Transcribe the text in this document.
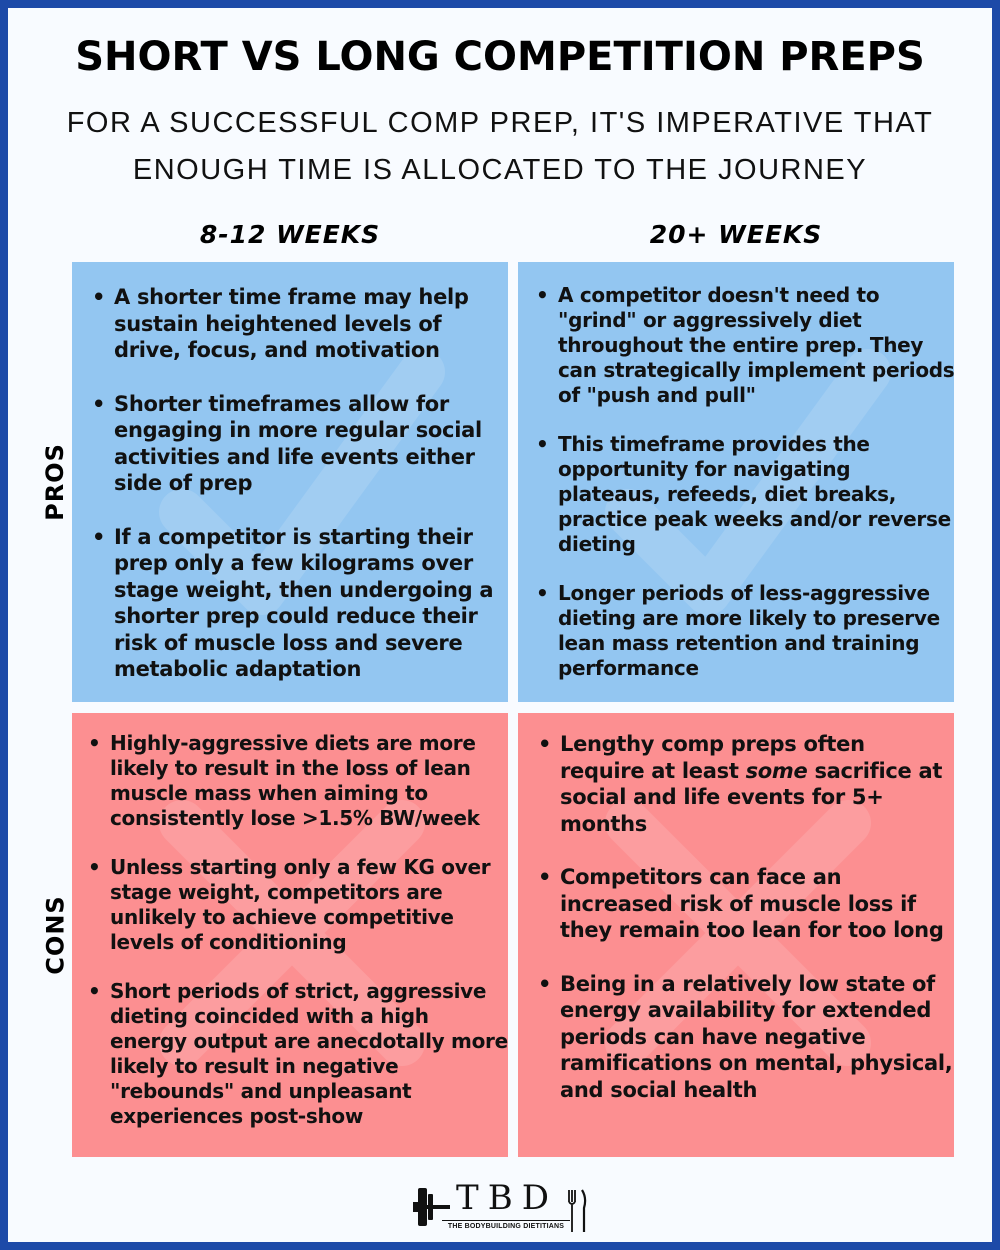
SHORT VS LONG COMPETITION PREPS
FOR A SUCCESSFUL COMP PREP, IT'S IMPERATIVE THAT
ENOUGH TIME IS ALLOCATED TO THE JOURNEY
8-12 WEEKS	20+ WEEKS
PROS
CONS
• A shorter time frame may help sustain heightened levels of drive, focus, and motivation
• Shorter timeframes allow for engaging in more regular social activities and life events either side of prep
• If a competitor is starting their prep only a few kilograms over stage weight, then undergoing a shorter prep could reduce their risk of muscle loss and severe metabolic adaptation
• A competitor doesn't need to "grind" or aggressively diet throughout the entire prep. They can strategically implement periods of "push and pull"
• This timeframe provides the opportunity for navigating plateaus, refeeds, diet breaks, practice peak weeks and/or reverse dieting
• Longer periods of less-aggressive dieting are more likely to preserve lean mass retention and training performance
• Highly-aggressive diets are more likely to result in the loss of lean muscle mass when aiming to consistently lose >1.5% BW/week
• Unless starting only a few KG over stage weight, competitors are unlikely to achieve competitive levels of conditioning
• Short periods of strict, aggressive dieting coincided with a high energy output are anecdotally more likely to result in negative "rebounds" and unpleasant experiences post-show
• Lengthy comp preps often require at least some sacrifice at social and life events for 5+ months
• Competitors can face an increased risk of muscle loss if they remain too lean for too long
• Being in a relatively low state of energy availability for extended periods can have negative ramifications on mental, physical, and social health
TBD
THE BODYBUILDING DIETITIANS
